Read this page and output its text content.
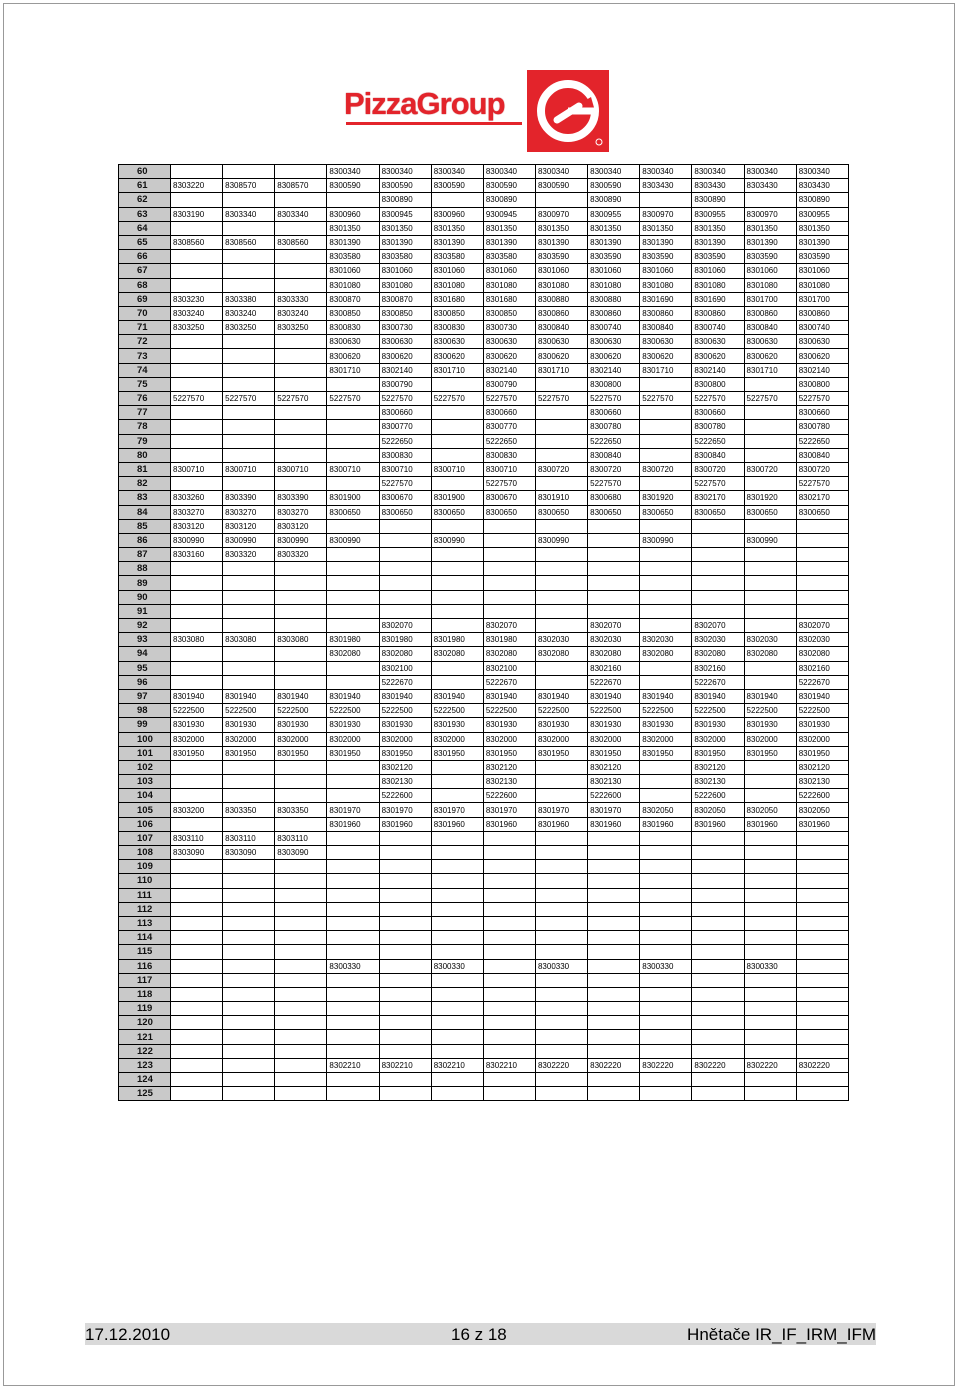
PizzaGroup
60				8300340	8300340	8300340	8300340	8300340	8300340	8300340	8300340	8300340	8300340
61	8303220	8308570	8308570	8300590	8300590	8300590	8300590	8300590	8300590	8303430	8303430	8303430	8303430
62					8300890		8300890		8300890		8300890		8300890
63	8303190	8303340	8303340	8300960	8300945	8300960	9300945	8300970	8300955	8300970	8300955	8300970	8300955
64				8301350	8301350	8301350	8301350	8301350	8301350	8301350	8301350	8301350	8301350
65	8308560	8308560	8308560	8301390	8301390	8301390	8301390	8301390	8301390	8301390	8301390	8301390	8301390
66				8303580	8303580	8303580	8303580	8303590	8303590	8303590	8303590	8303590	8303590
67				8301060	8301060	8301060	8301060	8301060	8301060	8301060	8301060	8301060	8301060
68				8301080	8301080	8301080	8301080	8301080	8301080	8301080	8301080	8301080	8301080
69	8303230	8303380	8303330	8300870	8300870	8301680	8301680	8300880	8300880	8301690	8301690	8301700	8301700
70	8303240	8303240	8303240	8300850	8300850	8300850	8300850	8300860	8300860	8300860	8300860	8300860	8300860
71	8303250	8303250	8303250	8300830	8300730	8300830	8300730	8300840	8300740	8300840	8300740	8300840	8300740
72				8300630	8300630	8300630	8300630	8300630	8300630	8300630	8300630	8300630	8300630
73				8300620	8300620	8300620	8300620	8300620	8300620	8300620	8300620	8300620	8300620
74				8301710	8302140	8301710	8302140	8301710	8302140	8301710	8302140	8301710	8302140
75					8300790		8300790		8300800		8300800		8300800
76	5227570	5227570	5227570	5227570	5227570	5227570	5227570	5227570	5227570	5227570	5227570	5227570	5227570
77					8300660		8300660		8300660		8300660		8300660
78					8300770		8300770		8300780		8300780		8300780
79					5222650		5222650		5222650		5222650		5222650
80					8300830		8300830		8300840		8300840		8300840
81	8300710	8300710	8300710	8300710	8300710	8300710	8300710	8300720	8300720	8300720	8300720	8300720	8300720
82					5227570		5227570		5227570		5227570		5227570
83	8303260	8303390	8303390	8301900	8300670	8301900	8300670	8301910	8300680	8301920	8302170	8301920	8302170
84	8303270	8303270	8303270	8300650	8300650	8300650	8300650	8300650	8300650	8300650	8300650	8300650	8300650
85	8303120	8303120	8303120										
86	8300990	8300990	8300990	8300990		8300990		8300990		8300990		8300990	
87	8303160	8303320	8303320										
88													
89													
90													
91													
92					8302070		8302070		8302070		8302070		8302070
93	8303080	8303080	8303080	8301980	8301980	8301980	8301980	8302030	8302030	8302030	8302030	8302030	8302030
94				8302080	8302080	8302080	8302080	8302080	8302080	8302080	8302080	8302080	8302080
95					8302100		8302100		8302160		8302160		8302160
96					5222670		5222670		5222670		5222670		5222670
97	8301940	8301940	8301940	8301940	8301940	8301940	8301940	8301940	8301940	8301940	8301940	8301940	8301940
98	5222500	5222500	5222500	5222500	5222500	5222500	5222500	5222500	5222500	5222500	5222500	5222500	5222500
99	8301930	8301930	8301930	8301930	8301930	8301930	8301930	8301930	8301930	8301930	8301930	8301930	8301930
100	8302000	8302000	8302000	8302000	8302000	8302000	8302000	8302000	8302000	8302000	8302000	8302000	8302000
101	8301950	8301950	8301950	8301950	8301950	8301950	8301950	8301950	8301950	8301950	8301950	8301950	8301950
102					8302120		8302120		8302120		8302120		8302120
103					8302130		8302130		8302130		8302130		8302130
104					5222600		5222600		5222600		5222600		5222600
105	8303200	8303350	8303350	8301970	8301970	8301970	8301970	8301970	8301970	8302050	8302050	8302050	8302050
106				8301960	8301960	8301960	8301960	8301960	8301960	8301960	8301960	8301960	8301960
107	8303110	8303110	8303110										
108	8303090	8303090	8303090										
109													
110													
111													
112													
113													
114													
115													
116				8300330		8300330		8300330		8300330		8300330	
117													
118													
119													
120													
121													
122													
123				8302210	8302210	8302210	8302210	8302220	8302220	8302220	8302220	8302220	8302220
124													
125													
17.12.2010	16 z 18	Hnětače IR_IF_IRM_IFM
